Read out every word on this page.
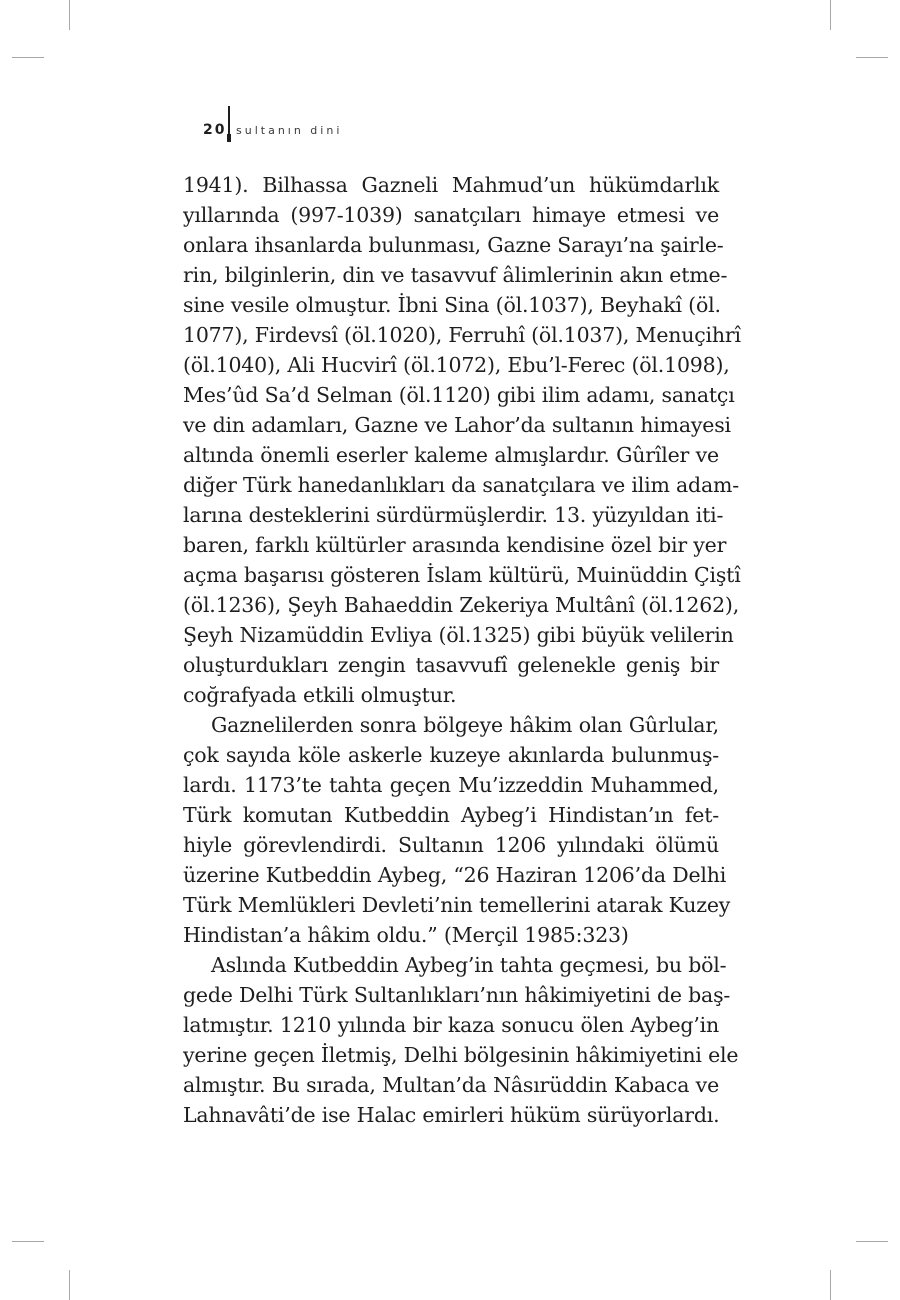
20 sultanın dini
1941). Bilhassa Gazneli Mahmud’un hükümdarlık
yıllarında (997-1039) sanatçıları himaye etmesi ve
onlara ihsanlarda bulunması, Gazne Sarayı’na şairle-
rin, bilginlerin, din ve tasavvuf âlimlerinin akın etme-
sine vesile olmuştur. İbni Sina (öl.1037), Beyhakî (öl.
1077), Firdevsî (öl.1020), Ferruhî (öl.1037), Menuçihrî
(öl.1040), Ali Hucvirî (öl.1072), Ebu’l-Ferec (öl.1098),
Mes’ûd Sa’d Selman (öl.1120) gibi ilim adamı, sanatçı
ve din adamları, Gazne ve Lahor’da sultanın himayesi
altında önemli eserler kaleme almışlardır. Gûrîler ve
diğer Türk hanedanlıkları da sanatçılara ve ilim adam-
larına desteklerini sürdürmüşlerdir. 13. yüzyıldan iti-
baren, farklı kültürler arasında kendisine özel bir yer
açma başarısı gösteren İslam kültürü, Muinüddin Çiştî
(öl.1236), Şeyh Bahaeddin Zekeriya Multânî (öl.1262),
Şeyh Nizamüddin Evliya (öl.1325) gibi büyük velilerin
oluşturdukları zengin tasavvufî gelenekle geniş bir
coğrafyada etkili olmuştur.
Gaznelilerden sonra bölgeye hâkim olan Gûrlular,
çok sayıda köle askerle kuzeye akınlarda bulunmuş-
lardı. 1173’te tahta geçen Mu’izzeddin Muhammed,
Türk komutan Kutbeddin Aybeg’i Hindistan’ın fet-
hiyle görevlendirdi. Sultanın 1206 yılındaki ölümü
üzerine Kutbeddin Aybeg, “26 Haziran 1206’da Delhi
Türk Memlükleri Devleti’nin temellerini atarak Kuzey
Hindistan’a hâkim oldu.” (Merçil 1985:323)
Aslında Kutbeddin Aybeg’in tahta geçmesi, bu böl-
gede Delhi Türk Sultanlıkları’nın hâkimiyetini de baş-
latmıştır. 1210 yılında bir kaza sonucu ölen Aybeg’in
yerine geçen İletmiş, Delhi bölgesinin hâkimiyetini ele
almıştır. Bu sırada, Multan’da Nâsırüddin Kabaca ve
Lahnavâti’de ise Halac emirleri hüküm sürüyorlardı.
